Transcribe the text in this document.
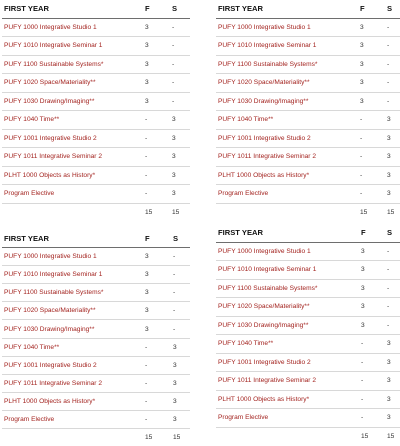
FIRST YEAR	F	S
PUFY 1000 Integrative Studio 1	3	-
PUFY 1010 Integrative Seminar 1	3	-
PUFY 1100 Sustainable Systems*	3	-
PUFY 1020 Space/Materiality**	3	-
PUFY 1030 Drawing/Imaging**	3	-
PUFY 1040 Time**	-	3
PUFY 1001 Integrative Studio 2	-	3
PUFY 1011 Integrative Seminar 2	-	3
PLHT 1000 Objects as History*	-	3
Program Elective	-	3
	15	15
FIRST YEAR	F	S
PUFY 1000 Integrative Studio 1	3	-
PUFY 1010 Integrative Seminar 1	3	-
PUFY 1100 Sustainable Systems*	3	-
PUFY 1020 Space/Materiality**	3	-
PUFY 1030 Drawing/Imaging**	3	-
PUFY 1040 Time**	-	3
PUFY 1001 Integrative Studio 2	-	3
PUFY 1011 Integrative Seminar 2	-	3
PLHT 1000 Objects as History*	-	3
Program Elective	-	3
	15	15
FIRST YEAR	F	S
PUFY 1000 Integrative Studio 1	3	-
PUFY 1010 Integrative Seminar 1	3	-
PUFY 1100 Sustainable Systems*	3	-
PUFY 1020 Space/Materiality**	3	-
PUFY 1030 Drawing/Imaging**	3	-
PUFY 1040 Time**	-	3
PUFY 1001 Integrative Studio 2	-	3
PUFY 1011 Integrative Seminar 2	-	3
PLHT 1000 Objects as History*	-	3
Program Elective	-	3
	15	15
FIRST YEAR	F	S
PUFY 1000 Integrative Studio 1	3	-
PUFY 1010 Integrative Seminar 1	3	-
PUFY 1100 Sustainable Systems*	3	-
PUFY 1020 Space/Materiality**	3	-
PUFY 1030 Drawing/Imaging**	3	-
PUFY 1040 Time**	-	3
PUFY 1001 Integrative Studio 2	-	3
PUFY 1011 Integrative Seminar 2	-	3
PLHT 1000 Objects as History*	-	3
Program Elective	-	3
	15	15
